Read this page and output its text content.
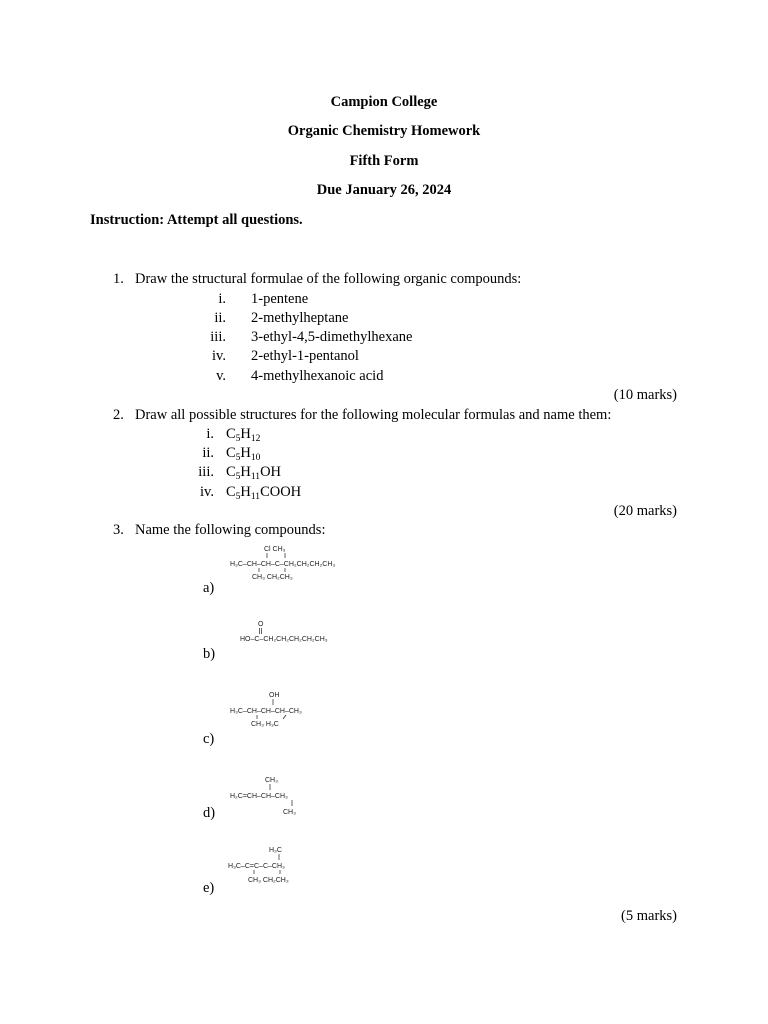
Campion College
Organic Chemistry Homework
Fifth Form
Due January 26, 2024
Instruction: Attempt all questions.
1. Draw the structural formulae of the following organic compounds:
i. 1-pentene
ii. 2-methylheptane
iii. 3-ethyl-4,5-dimethylhexane
iv. 2-ethyl-1-pentanol
v. 4-methylhexanoic acid
(10 marks)
2. Draw all possible structures for the following molecular formulas and name them:
i. $C_5H_{12}$
ii. $C_5H_{10}$
iii. $C_5H_{11}OH$
iv. $C_5H_{11}COOH$
(20 marks)
3. Name the following compounds:
Cl CH₃
H₃C–CH–CH–C–CH₂CH₂CH₂CH₃
CH₃ CH₂CH₃
a)
O
HO–C–CH₂CH₂CH₂CH₂CH₃
b)
OH
H₃C–CH–CH–CH–CH₃
CH₃ H₃C
c)
CH₃
H₂C=CH–CH–CH₃
CH₃
d)
H₃C
H₃C–C=C–C–CH₃
CH₃ CH₂CH₃
e)
(5 marks)
